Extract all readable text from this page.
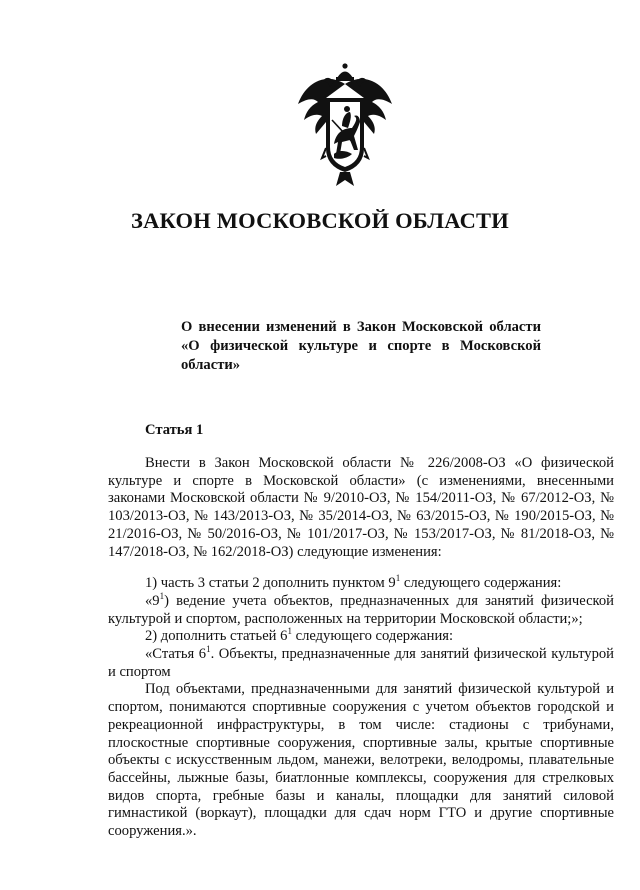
ЗАКОН МОСКОВСКОЙ ОБЛАСТИ
О внесении изменений в Закон Московской области «О физической культуре и спорте в Московской области»
Статья 1

Внести в Закон Московской области № 226/2008-ОЗ «О физической культуре и спорте в Московской области» (с изменениями, внесенными законами Московской области № 9/2010-ОЗ, № 154/2011-ОЗ, № 67/2012-ОЗ, № 103/2013-ОЗ, № 143/2013-ОЗ, № 35/2014-ОЗ, № 63/2015-ОЗ, № 190/2015-ОЗ, № 21/2016-ОЗ, № 50/2016-ОЗ, № 101/2017-ОЗ, № 153/2017-ОЗ, № 81/2018-ОЗ, № 147/2018-ОЗ, № 162/2018-ОЗ) следующие изменения:

1) часть 3 статьи 2 дополнить пунктом $9^1$ следующего содержания:

«$9^1$) ведение учета объектов, предназначенных для занятий физической культурой и спортом, расположенных на территории Московской области;»;

2) дополнить статьей $6^1$ следующего содержания:

«Статья $6^1$. Объекты, предназначенные для занятий физической культурой и спортом

Под объектами, предназначенными для занятий физической культурой и спортом, понимаются спортивные сооружения с учетом объектов городской и рекреационной инфраструктуры, в том числе: стадионы с трибунами, плоскостные спортивные сооружения, спортивные залы, крытые спортивные объекты с искусственным льдом, манежи, велотреки, велодромы, плавательные бассейны, лыжные базы, биатлонные комплексы, сооружения для стрелковых видов спорта, гребные базы и каналы, площадки для занятий силовой гимнастикой (воркаут), площадки для сдач норм ГТО и другие спортивные сооружения.».
